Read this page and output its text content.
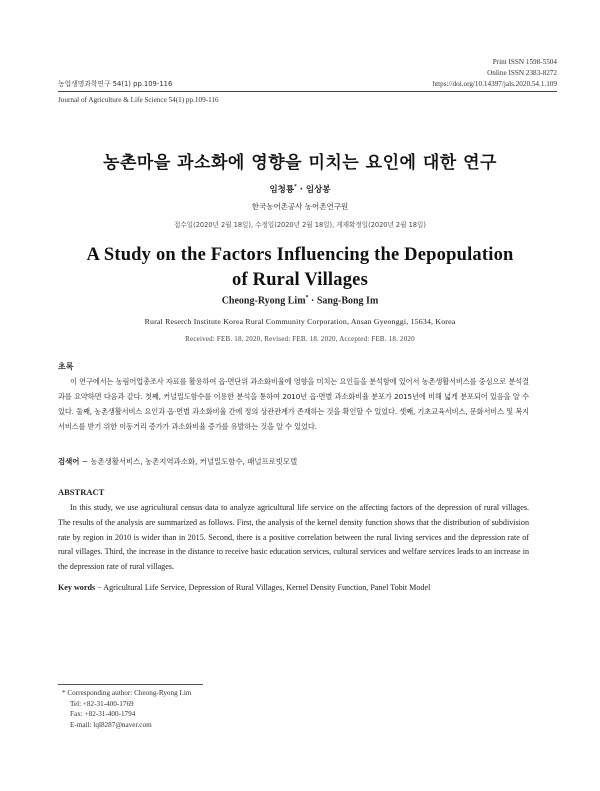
Print ISSN 1598-5504
Online ISSN 2383-8272
농업생명과학연구 54(1) pp.109-116	https://doi.org/10.14397/jals.2020.54.1.109
Journal of Agriculture & Life Science 54(1) pp.109-116
농촌마을 과소화에 영향을 미치는 요인에 대한 연구
임청룡* · 임상봉
한국농어촌공사 농어촌연구원
접수일(2020년 2월 18일), 수정일(2020년 2월 18일), 게재확정일(2020년 2월 18일)
A Study on the Factors Influencing the Depopulation
of Rural Villages
Cheong-Ryong Lim* · Sang-Bong Im
Rural Reserch Institute Korea Rural Community Corporation, Ansan Gyeonggi, 15634, Korea
Received: FEB. 18. 2020, Revised: FEB. 18. 2020, Accepted: FEB. 18. 2020
초록
이 연구에서는 농림어업총조사 자료를 활용하여 읍·면단위 과소화비율에 영향을 미치는 요인들을 분석함에 있어서 농촌생활서비스를 중심으로 분석결과를 요약하면 다음과 같다. 첫째, 커널밀도함수를 이용한 분석을 통하여 2010년 읍·면별 과소화비율 분포가 2015년에 비해 넓게 분포되어 있음을 알 수 있다. 둘째, 농촌생활서비스 요인과 읍·면별 과소화비율 간에 정의 상관관계가 존재하는 것을 확인할 수 있었다. 셋째, 기초교육서비스, 문화서비스 및 복지서비스를 받기 위한 이동거리 증가가 과소화비율 증가를 유발하는 것을 알 수 있었다.
검색어 − 농촌생활서비스, 농촌지역과소화, 커널밀도함수, 패널프로빗모델
ABSTRACT
In this study, we use agricultural census data to analyze agricultural life service on the affecting factors of the depression of rural villages. The results of the analysis are summarized as follows. First, the analysis of the kernel density function shows that the distribution of subdivision rate by region in 2010 is wider than in 2015. Second, there is a positive correlation between the rural living services and the depression rate of rural villages. Third, the increase in the distance to receive basic education services, cultural services and welfare services leads to an increase in the depression rate of rural villages.
Key words − Agricultural Life Service, Depression of Rural Villages, Kernel Density Function, Panel Tobit Model
* Corresponding author: Cheong-Ryong Lim
Tel: +82-31-400-1769
Fax: +82-31-400-1794
E-mail: lql8287@naver.com
